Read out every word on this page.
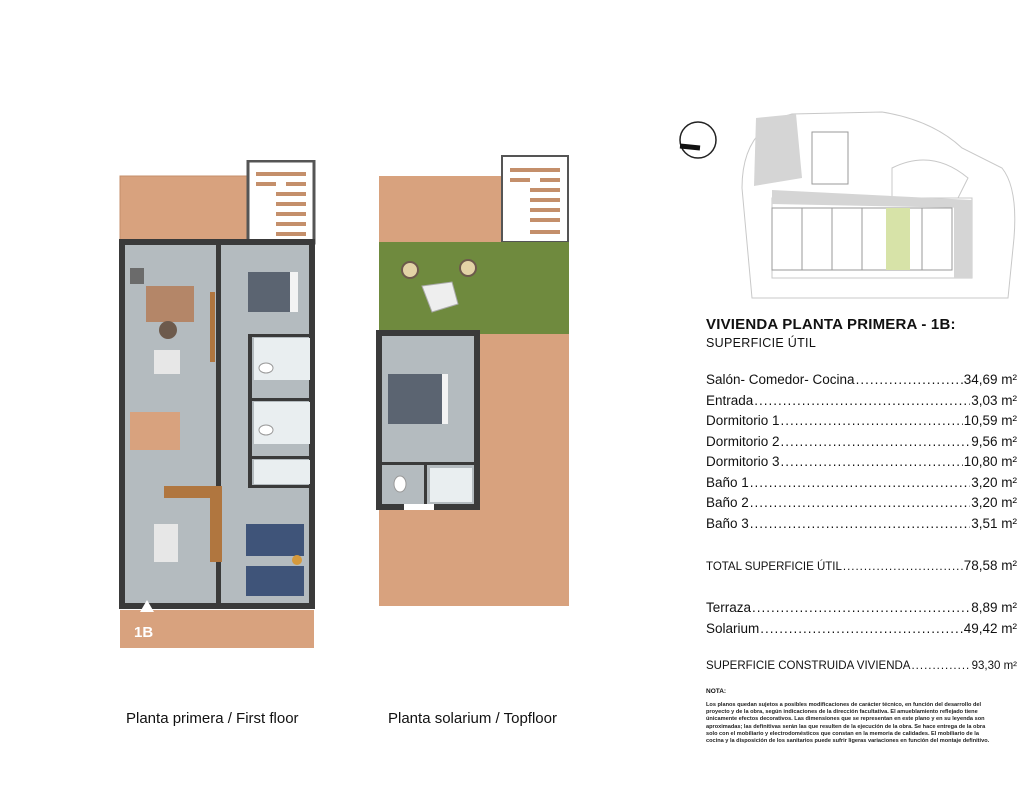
1B
Planta primera / First floor	Planta solarium / Topfloor
VIVIENDA PLANTA PRIMERA - 1B:
SUPERFICIE ÚTIL
Salón- Comedor- Cocina .....	34,69 m²
Entrada .....	3,03 m²
Dormitorio 1 .....	10,59 m²
Dormitorio 2 .....	9,56 m²
Dormitorio 3 .....	10,80 m²
Baño 1 .....	3,20 m²
Baño 2 .....	3,20 m²
Baño 3 .....	3,51 m²
TOTAL SUPERFICIE ÚTIL .....	78,58 m²
Terraza .....	8,89 m²
Solarium .....	49,42 m²
SUPERFICIE CONSTRUIDA VIVIENDA .....	93,30 m²
NOTA:
Los planos quedan sujetos a posibles modificaciones de carácter técnico, en función del desarrollo del proyecto y de la obra, según indicaciones de la dirección facultativa. El amueblamiento reflejado tiene únicamente efectos decorativos. Las dimensiones que se representan en este plano y en su leyenda son aproximadas; las definitivas serán las que resulten de la ejecución de la obra. Se hace entrega de la obra solo con el mobiliario y electrodomésticos que constan en la memoria de calidades. El mobiliario de la cocina y la disposición de los sanitarios puede sufrir ligeras variaciones en función del montaje definitivo.
